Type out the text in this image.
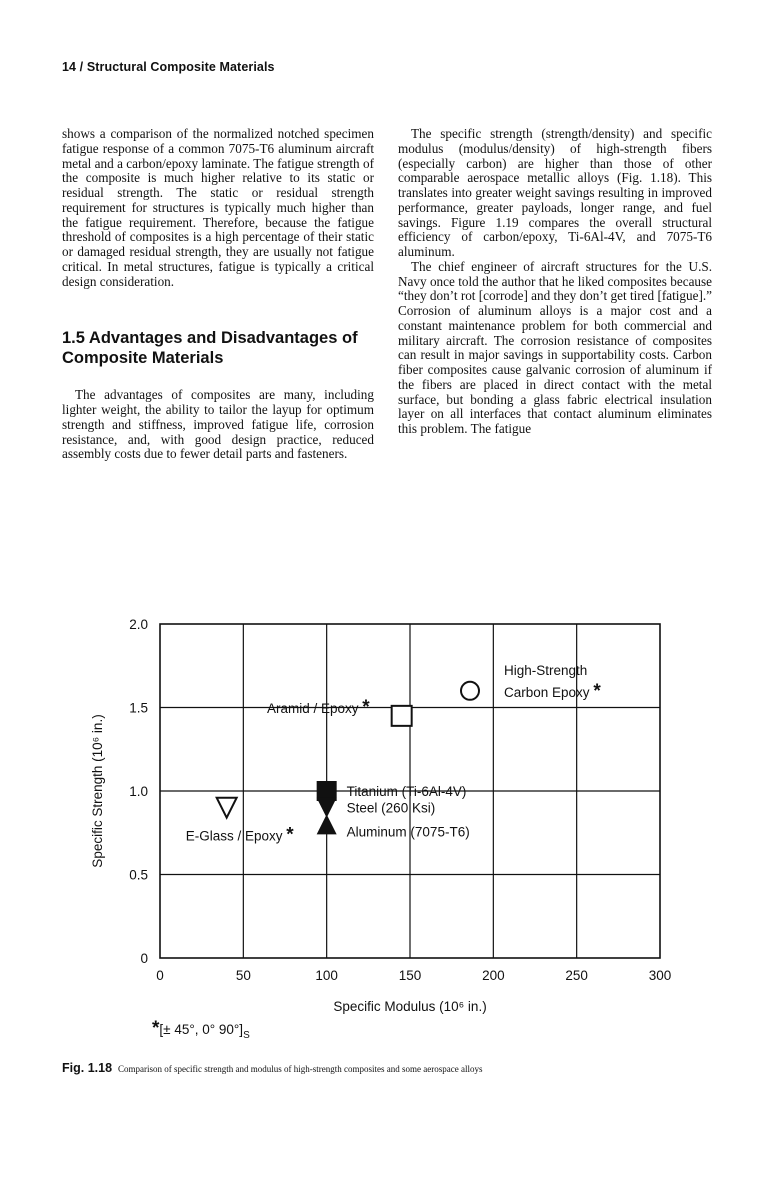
14 / Structural Composite Materials

shows a comparison of the normalized notched specimen fatigue response of a common 7075-T6 aluminum aircraft metal and a carbon/epoxy laminate. The fatigue strength of the composite is much higher relative to its static or residual strength. The static or residual strength requirement for structures is typically much higher than the fatigue requirement. Therefore, because the fatigue threshold of composites is a high percentage of their static or damaged residual strength, they are usually not fatigue critical. In metal structures, fatigue is typically a critical design consideration.

1.5 Advantages and Disadvantages of
Composite Materials

The advantages of composites are many, including lighter weight, the ability to tailor the layup for optimum strength and stiffness, improved fatigue life, corrosion resistance, and, with good design practice, reduced assembly costs due to fewer detail parts and fasteners.

The specific strength (strength/density) and specific modulus (modulus/density) of high-strength fibers (especially carbon) are higher than those of other comparable aerospace metallic alloys (Fig. 1.18). This translates into greater weight savings resulting in improved performance, greater payloads, longer range, and fuel savings. Figure 1.19 compares the overall structural efficiency of carbon/epoxy, Ti-6Al-4V, and 7075-T6 aluminum.

The chief engineer of aircraft structures for the U.S. Navy once told the author that he liked composites because “they don’t rot [corrode] and they don’t get tired [fatigue].” Corrosion of aluminum alloys is a major cost and a constant maintenance problem for both commercial and military aircraft. The corrosion resistance of composites can result in major savings in supportability costs. Carbon fiber composites cause galvanic corrosion of aluminum if the fibers are placed in direct contact with the metal surface, but bonding a glass fabric electrical insulation layer on all interfaces that contact aluminum eliminates this problem. The fatigue

0	50	100	150	200	250	300
0
0.5
1.0
1.5
2.0
Specific Modulus (10⁶ in.)
Specific Strength (10⁶ in.)
High-Strength
Carbon Epoxy *
Aramid / Epoxy *
Titanium (Ti-6Al-4V)
Steel (260 Ksi)
Aluminum (7075-T6)
E-Glass / Epoxy *
*[± 45°, 0° $90^\circ]_S$
Fig. 1.18 Comparison of specific strength and modulus of high-strength composites and some aerospace alloys
